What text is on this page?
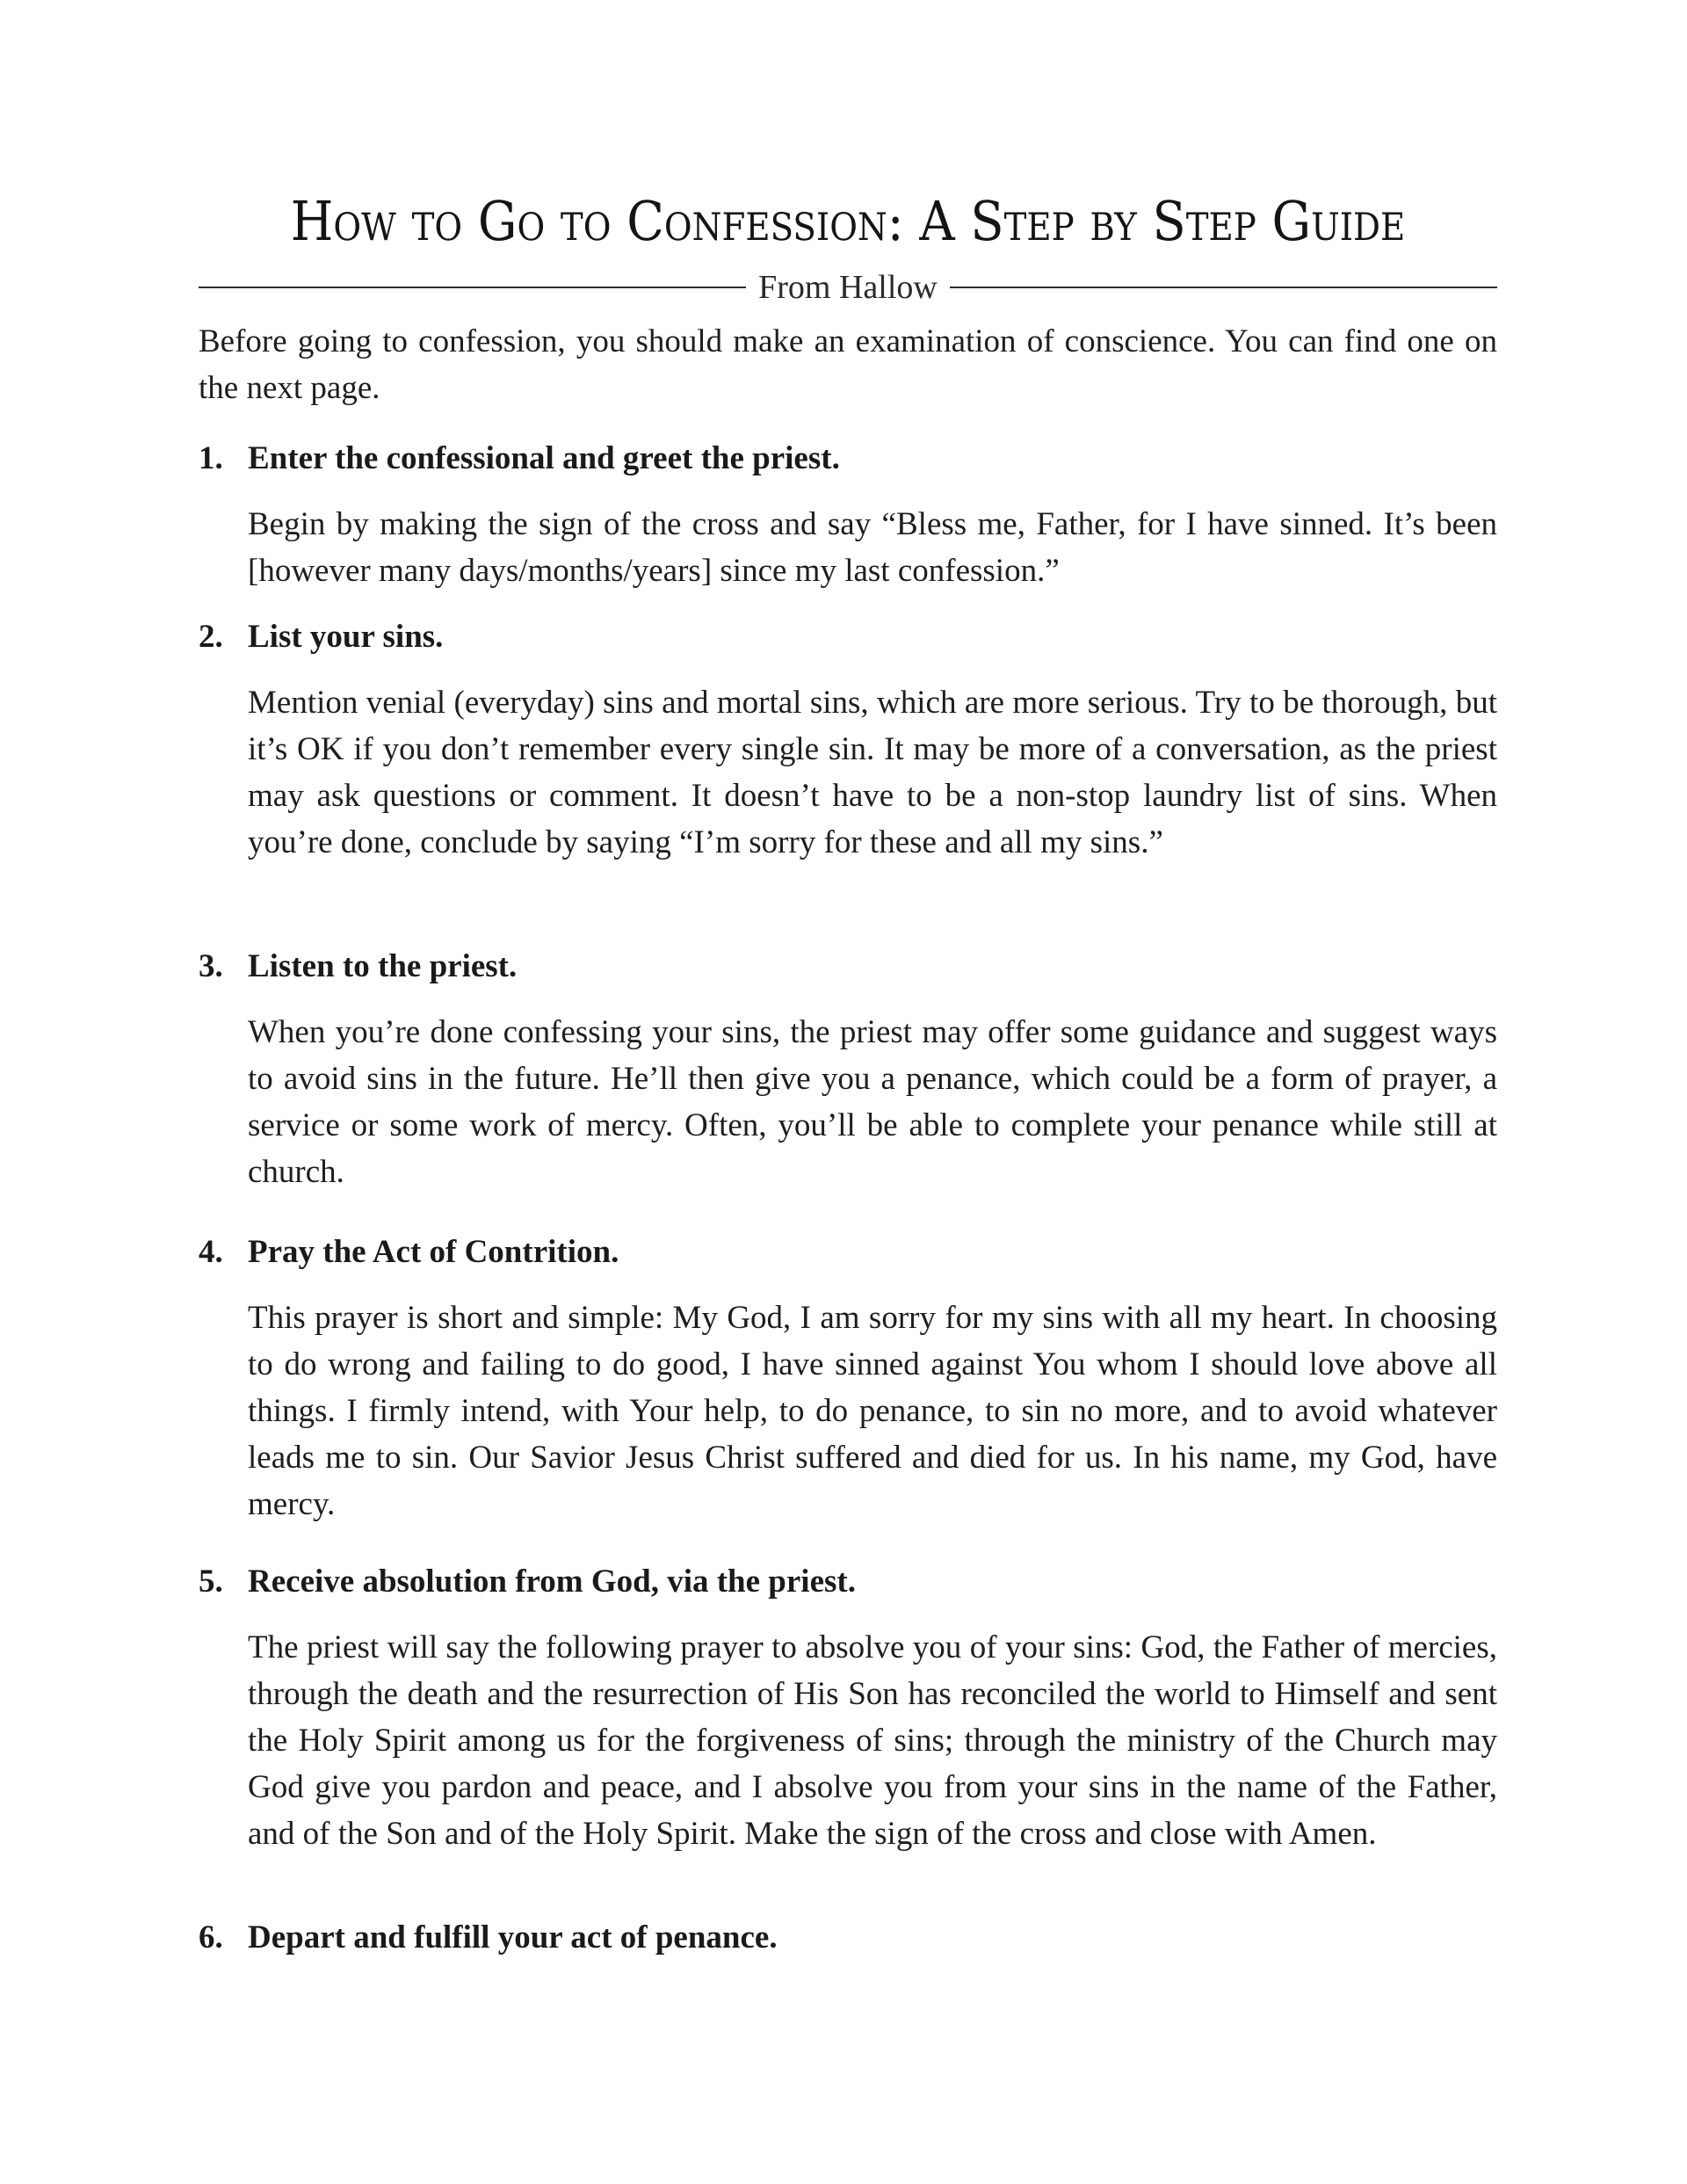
How to Go to Confession: A Step by Step Guide
From Hallow

Before going to confession, you should make an examination of conscience. You can find one on the next page.

1. Enter the confessional and greet the priest.

Begin by making the sign of the cross and say “Bless me, Father, for I have sinned. It’s been [however many days/months/years] since my last confession.”

2. List your sins.

Mention venial (everyday) sins and mortal sins, which are more serious. Try to be thorough, but it’s OK if you don’t remember every single sin. It may be more of a conversation, as the priest may ask questions or comment. It doesn’t have to be a non-stop laundry list of sins. When you’re done, conclude by saying “I’m sorry for these and all my sins.”

3. Listen to the priest.

When you’re done confessing your sins, the priest may offer some guidance and suggest ways to avoid sins in the future. He’ll then give you a penance, which could be a form of prayer, a service or some work of mercy. Often, you’ll be able to complete your penance while still at church.

4. Pray the Act of Contrition.

This prayer is short and simple: My God, I am sorry for my sins with all my heart. In choosing to do wrong and failing to do good, I have sinned against You whom I should love above all things. I firmly intend, with Your help, to do penance, to sin no more, and to avoid whatever leads me to sin. Our Savior Jesus Christ suffered and died for us. In his name, my God, have mercy.

5. Receive absolution from God, via the priest.

The priest will say the following prayer to absolve you of your sins: God, the Father of mercies, through the death and the resurrection of His Son has reconciled the world to Himself and sent the Holy Spirit among us for the forgiveness of sins; through the ministry of the Church may God give you pardon and peace, and I absolve you from your sins in the name of the Father, and of the Son and of the Holy Spirit. Make the sign of the cross and close with Amen.

6. Depart and fulfill your act of penance.
